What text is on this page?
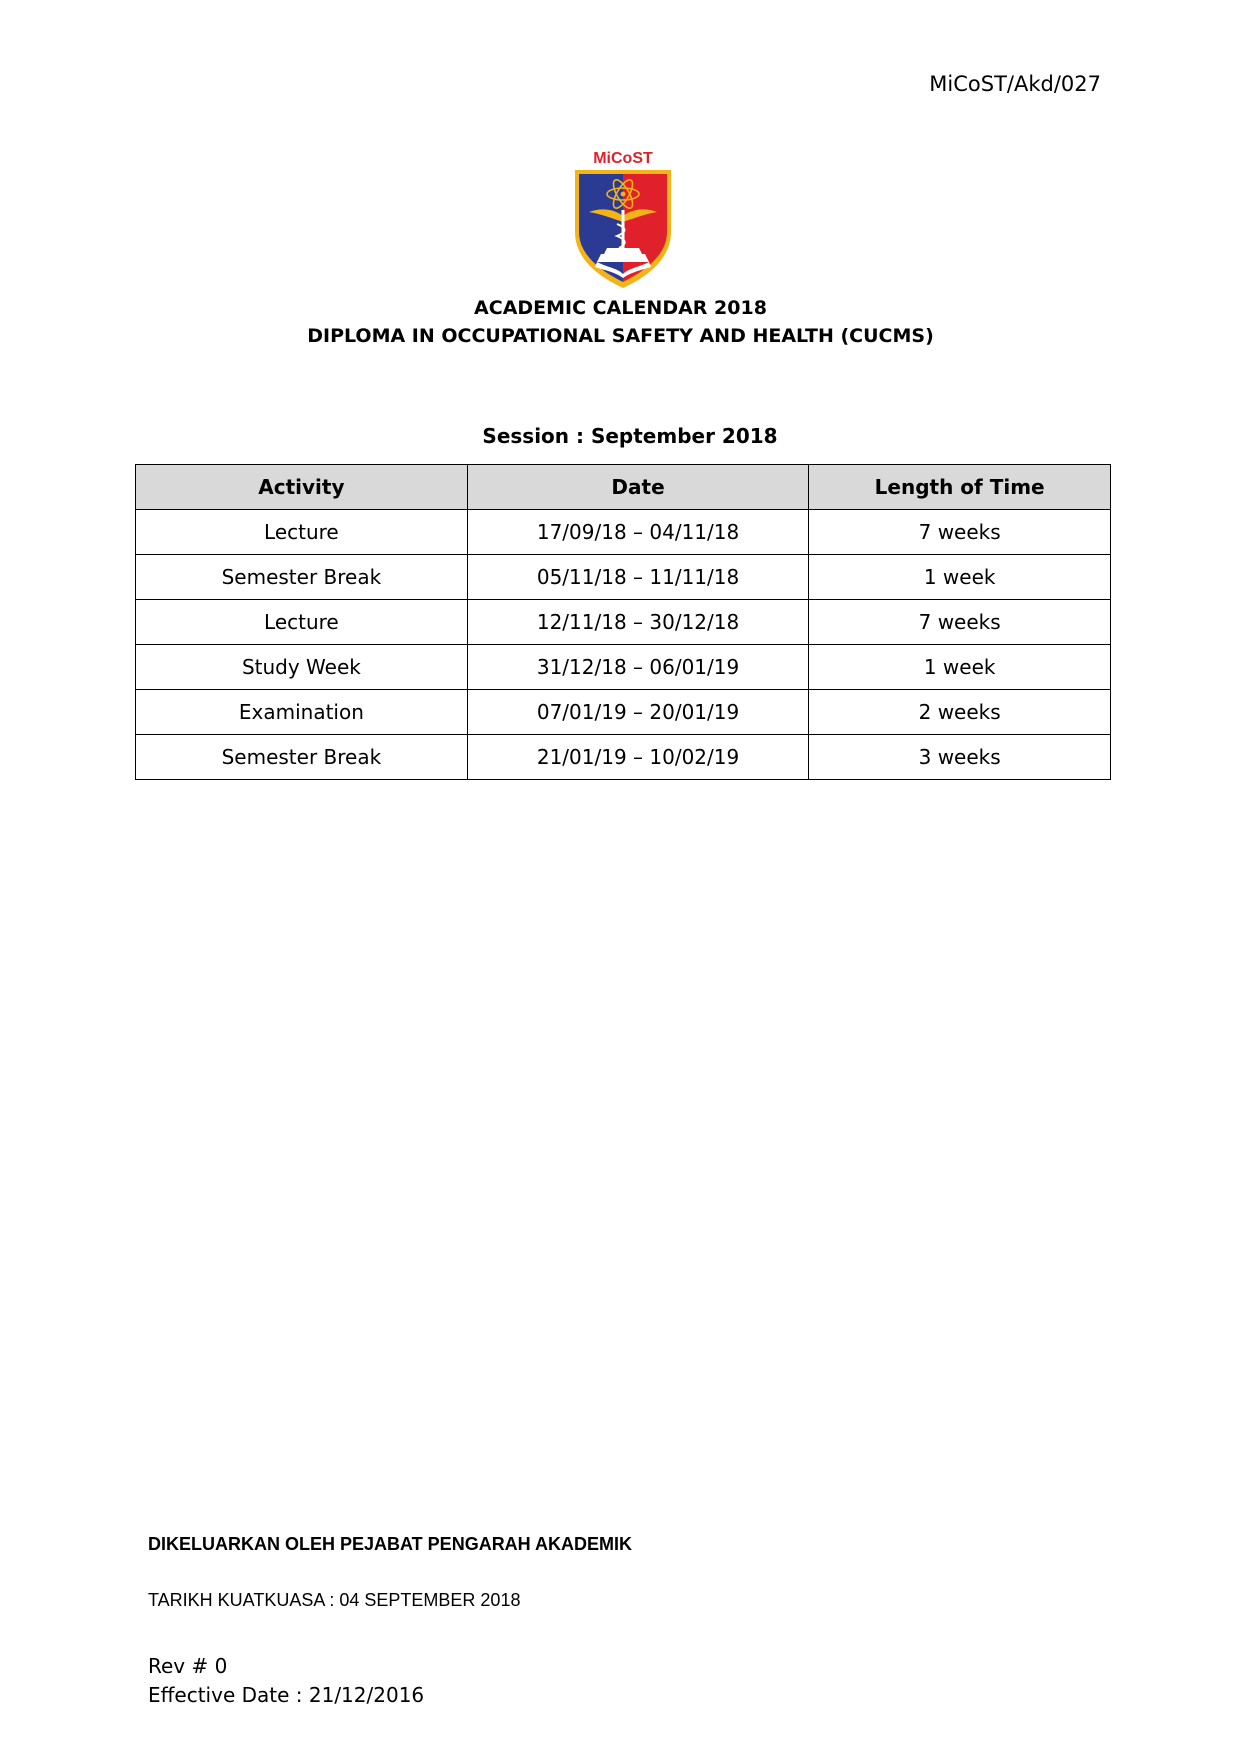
MiCoST/Akd/027
MiCoST
ACADEMIC CALENDAR 2018
DIPLOMA IN OCCUPATIONAL SAFETY AND HEALTH (CUCMS)
Session : September 2018
Activity	Date	Length of Time
Lecture	17/09/18 – 04/11/18	7 weeks
Semester Break	05/11/18 – 11/11/18	1 week
Lecture	12/11/18 – 30/12/18	7 weeks
Study Week	31/12/18 – 06/01/19	1 week
Examination	07/01/19 – 20/01/19	2 weeks
Semester Break	21/01/19 – 10/02/19	3 weeks
DIKELUARKAN OLEH PEJABAT PENGARAH AKADEMIK
TARIKH KUATKUASA : 04 SEPTEMBER 2018
Rev # 0
Effective Date : 21/12/2016
